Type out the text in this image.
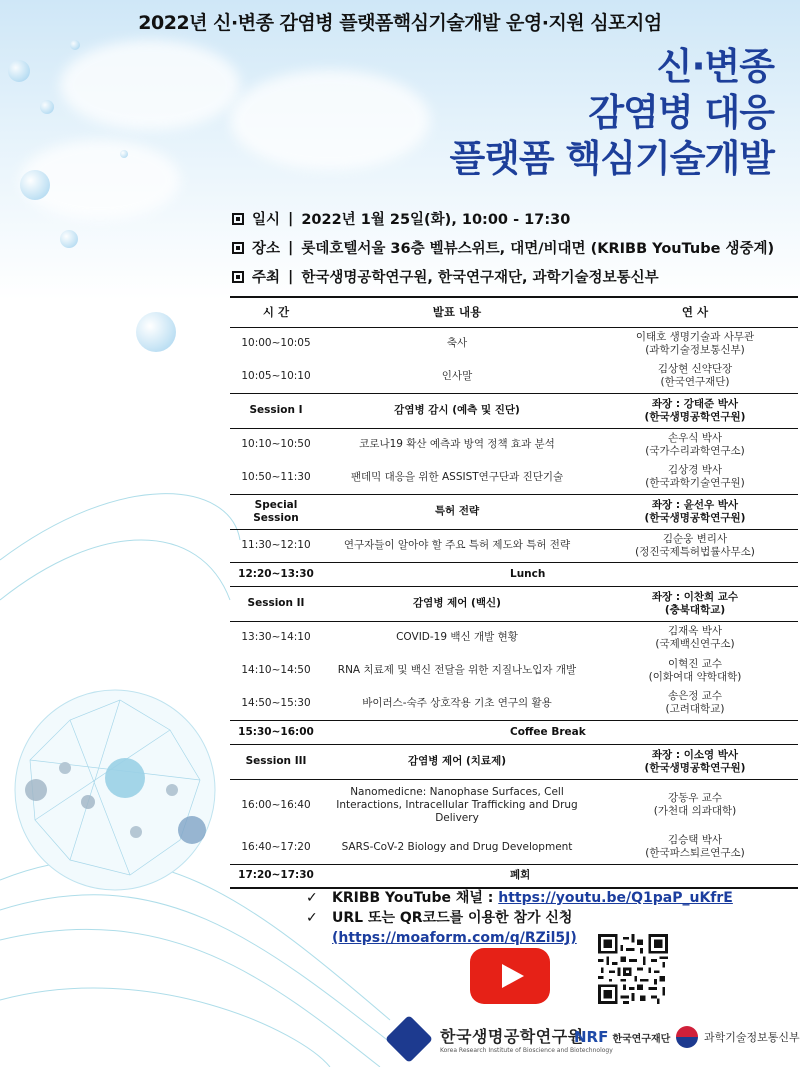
2022년 신·변종 감염병 플랫폼핵심기술개발 운영·지원 심포지엄
신·변종
감염병 대응
플랫폼 핵심기술개발
일시 | 2022년 1월 25일(화), 10:00 - 17:30
장소 | 롯데호텔서울 36층 벨뷰스위트, 대면/비대면 (KRIBB YouTube 생중계)
주최 | 한국생명공학연구원, 한국연구재단, 과학기술정보통신부
시 간	발표 내용	연 사
10:00~10:05	축사	이태호 생명기술과 사무관
(과학기술정보통신부)

10:05~10:10	인사말	김상현 신약단장
(한국연구재단)

Session I	감염병 감시 (예측 및 진단)	좌장 : 강태준 박사
(한국생명공학연구원)

10:10~10:50	코로나19 확산 예측과 방역 정책 효과 분석	손우식 박사
(국가수리과학연구소)

10:50~11:30	팬데믹 대응을 위한 ASSIST연구단과 진단기술	김상경 박사
(한국과학기술연구원)

Special Session	특허 전략	좌장 : 윤선우 박사
(한국생명공학연구원)

11:30~12:10	연구자들이 알아야 할 주요 특허 제도와 특허 전략	김순웅 변리사
(정진국제특허법률사무소)

12:20~13:30	Lunch	
Session II	감염병 제어 (백신)	좌장 : 이찬희 교수
(충북대학교)

13:30~14:10	COVID-19 백신 개발 현황	김재옥 박사
(국제백신연구소)

14:10~14:50	RNA 치료제 및 백신 전달을 위한 지질나노입자 개발	이혁진 교수
(이화여대 약학대학)

14:50~15:30	바이러스-숙주 상호작용 기초 연구의 활용	송은정 교수
(고려대학교)

15:30~16:00	Coffee Break	
Session III	감염병 제어 (치료제)	좌장 : 이소영 박사
(한국생명공학연구원)

16:00~16:40	Nanomedicne: Nanophase Surfaces, Cell Interactions, Intracellular Trafficking and Drug Delivery	강동우 교수
(가천대 의과대학)

16:40~17:20	SARS-CoV-2 Biology and Drug Development	김승택 박사
(한국파스퇴르연구소)

17:20~17:30	폐회	
✓	KRIBB YouTube 채널 : https://youtu.be/Q1paP_uKfrE
✓	URL 또는 QR코드를 이용한 참가 신청
(https://moaform.com/q/RZil5J)
한국생명공학연구원
Korea Research Institute of Bioscience and Biotechnology
NRF 한국연구재단	과학기술정보통신부
